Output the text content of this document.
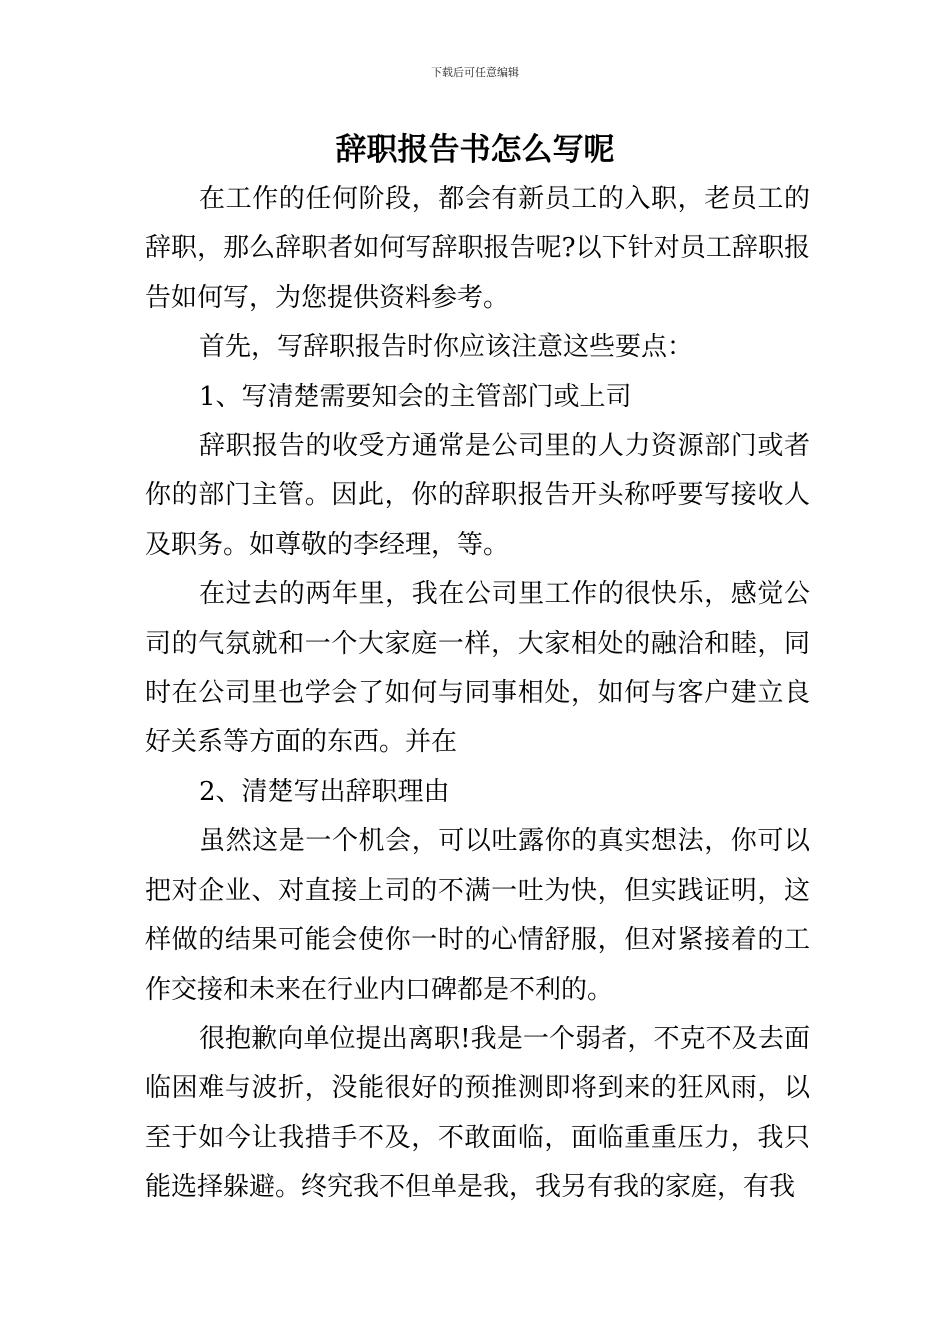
下载后可任意编辑
辞职报告书怎么写呢

在工作的任何阶段，都会有新员工的入职，老员工的辞职，那么辞职者如何写辞职报告呢?以下针对员工辞职报告如何写，为您提供资料参考。

首先，写辞职报告时你应该注意这些要点：

1、写清楚需要知会的主管部门或上司

辞职报告的收受方通常是公司里的人力资源部门或者你的部门主管。因此，你的辞职报告开头称呼要写接收人及职务。如尊敬的李经理，等。

在过去的两年里，我在公司里工作的很快乐，感觉公司的气氛就和一个大家庭一样，大家相处的融洽和睦，同时在公司里也学会了如何与同事相处，如何与客户建立良好关系等方面的东西。并在

2、清楚写出辞职理由

虽然这是一个机会，可以吐露你的真实想法，你可以把对企业、对直接上司的不满一吐为快，但实践证明，这样做的结果可能会使你一时的心情舒服，但对紧接着的工作交接和未来在行业内口碑都是不利的。

很抱歉向单位提出离职!我是一个弱者，不克不及去面临困难与波折，没能很好的预推测即将到来的狂风雨，以至于如今让我措手不及，不敢面临，面临重重压力，我只能选择躲避。终究我不但单是我，我另有我的家庭，有我
